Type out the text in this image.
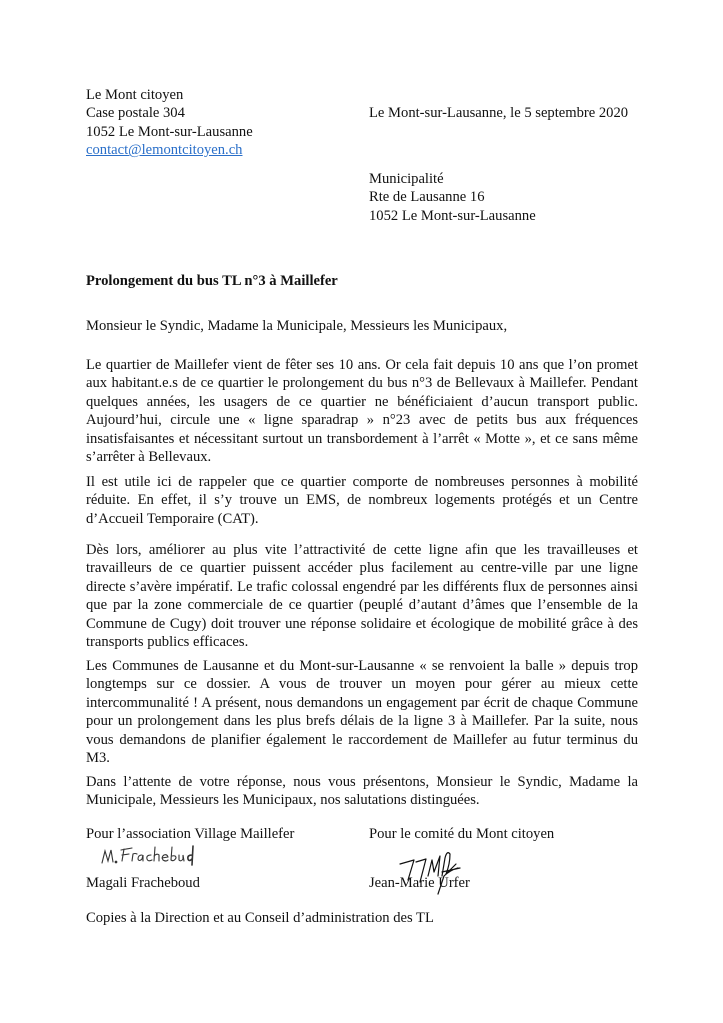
Le Mont citoyen
Case postale 304
1052 Le Mont-sur-Lausanne
contact@lemontcitoyen.ch
Le Mont-sur-Lausanne, le 5 septembre 2020
Municipalité
Rte de Lausanne 16
1052 Le Mont-sur-Lausanne
Prolongement du bus TL n°3 à Maillefer
Monsieur le Syndic, Madame la Municipale, Messieurs les Municipaux,

Le quartier de Maillefer vient de fêter ses 10 ans. Or cela fait depuis 10 ans que l’on promet aux habitant.e.s de ce quartier le prolongement du bus n°3 de Bellevaux à Maillefer. Pendant quelques années, les usagers de ce quartier ne bénéficiaient d’aucun transport public. Aujourd’hui, circule une « ligne sparadrap » n°23 avec de petits bus aux fréquences insatisfaisantes et nécessitant surtout un transbordement à l’arrêt « Motte », et ce sans même s’arrêter à Bellevaux.

Il est utile ici de rappeler que ce quartier comporte de nombreuses personnes à mobilité réduite. En effet, il s’y trouve un EMS, de nombreux logements protégés et un Centre d’Accueil Temporaire (CAT).

Dès lors, améliorer au plus vite l’attractivité de cette ligne afin que les travailleuses et travailleurs de ce quartier puissent accéder plus facilement au centre-ville par une ligne directe s’avère impératif. Le trafic colossal engendré par les différents flux de personnes ainsi que par la zone commerciale de ce quartier (peuplé d’autant d’âmes que l’ensemble de la Commune de Cugy) doit trouver une réponse solidaire et écologique de mobilité grâce à des transports publics efficaces.

Les Communes de Lausanne et du Mont-sur-Lausanne « se renvoient la balle » depuis trop longtemps sur ce dossier. A vous de trouver un moyen pour gérer au mieux cette intercommunalité ! A présent, nous demandons un engagement par écrit de chaque Commune pour un prolongement dans les plus brefs délais de la ligne 3 à Maillefer. Par la suite, nous vous demandons de planifier également le raccordement de Maillefer au futur terminus du M3.

Dans l’attente de votre réponse, nous vous présentons, Monsieur le Syndic, Madame la Municipale, Messieurs les Municipaux, nos salutations distinguées.

Pour l’association Village Maillefer	Pour le comité du Mont citoyen
Magali Fracheboud	Jean-Marie Urfer
Copies à la Direction et au Conseil d’administration des TL
